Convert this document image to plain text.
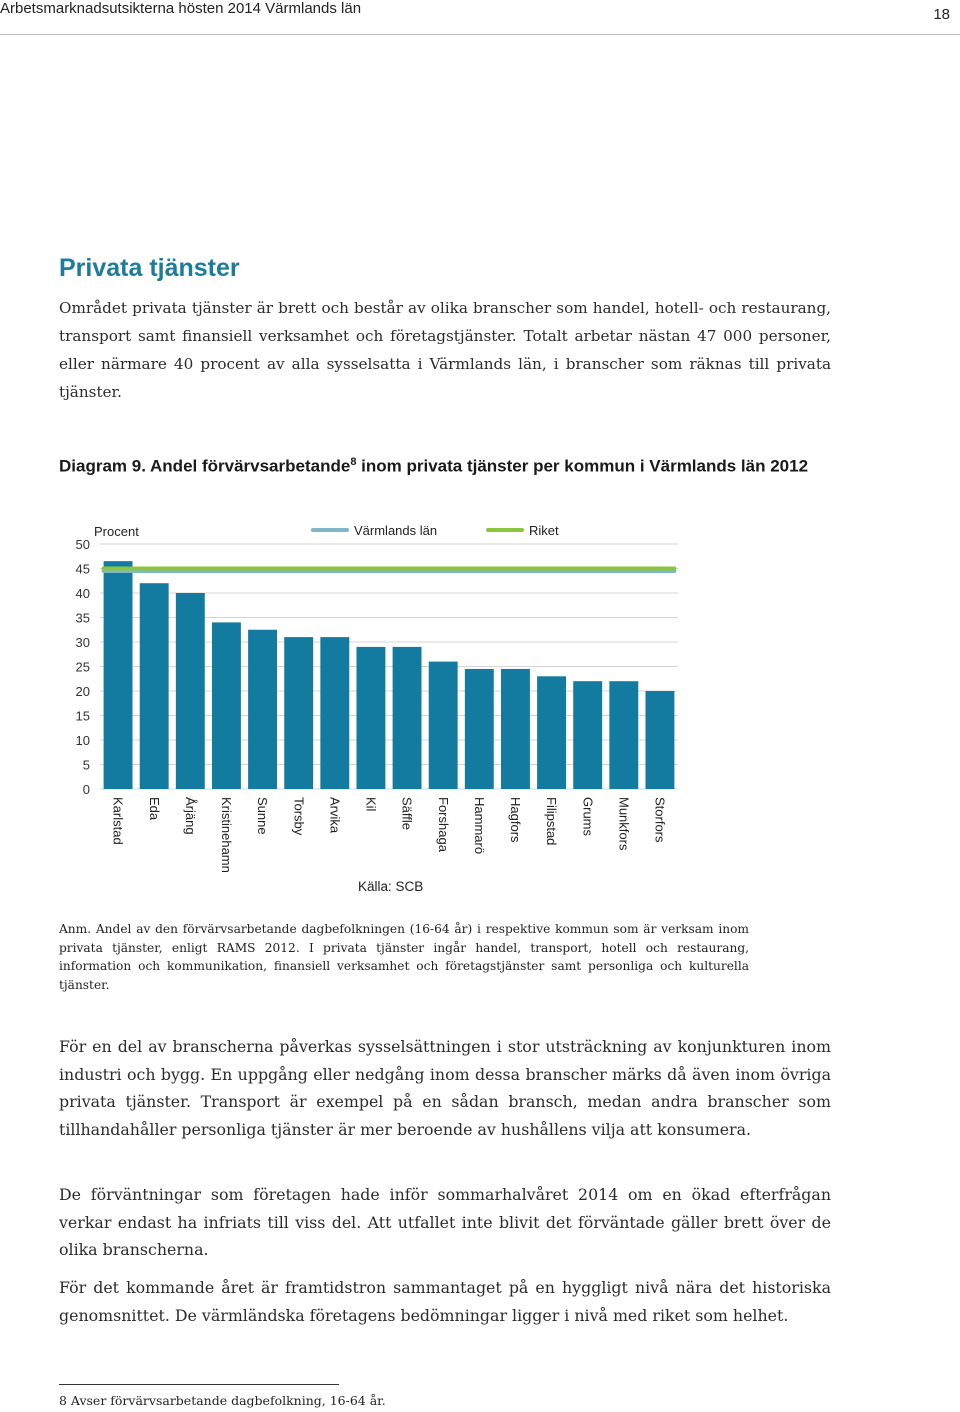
Arbetsmarknadsutsikterna hösten 2014 Värmlands län	18
Privata tjänster

Området privata tjänster är brett och består av olika branscher som handel, hotell- och restaurang, transport samt finansiell verksamhet och företagstjänster. Totalt arbetar nästan 47 000 personer, eller närmare 40 procent av alla sysselsatta i Värmlands län, i branscher som räknas till privata tjänster.

Diagram 9. Andel förvärvsarbetande$^8$ inom privata tjänster per kommun i Värmlands län 2012

0
5
10
15
20
25
30
35
40
45
50
Karlstad Eda Årjäng Kristinehamn Sunne Torsby Arvika Kil Säffle Forshaga Hammarö Hagfors Filipstad Grums Munkfors Storfors
Procent	Värmlands län	Riket
Källa: SCB

Anm. Andel av den förvärvsarbetande dagbefolkningen (16-64 år) i respektive kommun som är verksam inom privata tjänster, enligt RAMS 2012. I privata tjänster ingår handel, transport, hotell och restaurang, information och kommunikation, finansiell verksamhet och företagstjänster samt personliga och kulturella tjänster.

För en del av branscherna påverkas sysselsättningen i stor utsträckning av konjunkturen inom industri och bygg. En uppgång eller nedgång inom dessa branscher märks då även inom övriga privata tjänster. Transport är exempel på en sådan bransch, medan andra branscher som tillhandahåller personliga tjänster är mer beroende av hushållens vilja att konsumera.

De förväntningar som företagen hade inför sommarhalvåret 2014 om en ökad efterfrågan verkar endast ha infriats till viss del. Att utfallet inte blivit det förväntade gäller brett över de olika branscherna.

För det kommande året är framtidstron sammantaget på en hyggligt nivå nära det historiska genomsnittet. De värmländska företagens bedömningar ligger i nivå med riket som helhet.

8 Avser förvärvsarbetande dagbefolkning, 16-64 år.
